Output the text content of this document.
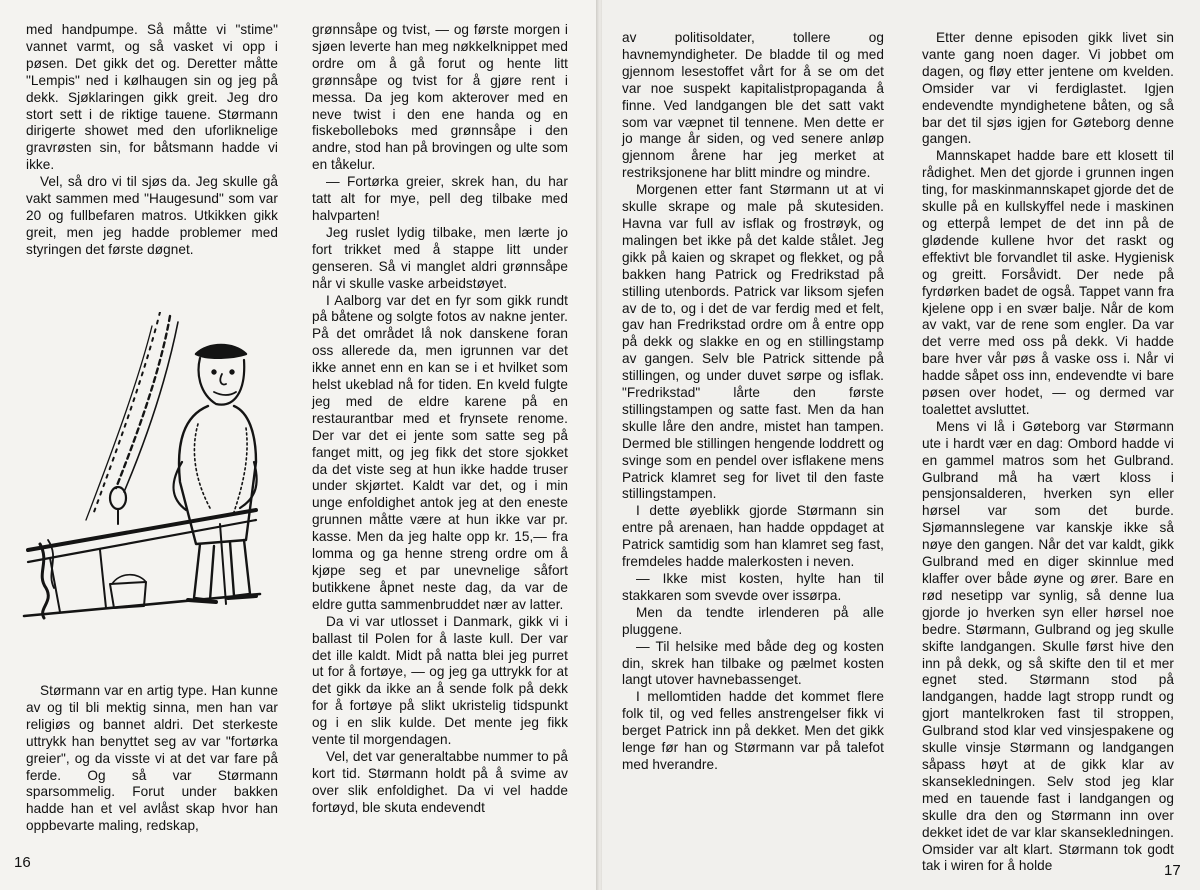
med handpumpe. Så måtte vi "stime" vannet varmt, og så vasket vi opp i pøsen. Det gikk det og. Deretter måtte "Lempis" ned i kølhaugen sin og jeg på dekk. Sjøklaringen gikk greit. Jeg dro stort sett i de riktige tauene. Størmann dirigerte showet med den uforliknelige gravrøsten sin, for båtsmann hadde vi ikke.

Vel, så dro vi til sjøs da. Jeg skulle gå vakt sammen med "Haugesund" som var 20 og fullbefaren matros. Utkikken gikk greit, men jeg hadde problemer med styringen det første døgnet.

Størmann var en artig type. Han kunne av og til bli mektig sinna, men han var religiøs og bannet aldri. Det sterkeste uttrykk han benyttet seg av var "fortørka greier", og da visste vi at det var fare på ferde. Og så var Størmann sparsommelig. Forut under bakken hadde han et vel avlåst skap hvor han oppbevarte maling, redskap,

grønnsåpe og tvist, — og første morgen i sjøen leverte han meg nøkkelknippet med ordre om å gå forut og hente litt grønnsåpe og tvist for å gjøre rent i messa. Da jeg kom akterover med en neve twist i den ene handa og en fiskebolleboks med grønnsåpe i den andre, stod han på brovingen og ulte som en tåkelur.

— Fortørka greier, skrek han, du har tatt alt for mye, pell deg tilbake med halvparten!

Jeg ruslet lydig tilbake, men lærte jo fort trikket med å stappe litt under genseren. Så vi manglet aldri grønnsåpe når vi skulle vaske arbeidstøyet.

I Aalborg var det en fyr som gikk rundt på båtene og solgte fotos av nakne jenter. På det området lå nok danskene foran oss allerede da, men igrunnen var det ikke annet enn en kan se i et hvilket som helst ukeblad nå for tiden. En kveld fulgte jeg med de eldre karene på en restaurantbar med et frynsete renome. Der var det ei jente som satte seg på fanget mitt, og jeg fikk det store sjokket da det viste seg at hun ikke hadde truser under skjørtet. Kaldt var det, og i min unge enfoldighet antok jeg at den eneste grunnen måtte være at hun ikke var pr. kasse. Men da jeg halte opp kr. 15,— fra lomma og ga henne streng ordre om å kjøpe seg et par unevnelige såfort butikkene åpnet neste dag, da var de eldre gutta sammenbruddet nær av latter.

Da vi var utlosset i Danmark, gikk vi i ballast til Polen for å laste kull. Der var det ille kaldt. Midt på natta blei jeg purret ut for å fortøye, — og jeg ga uttrykk for at det gikk da ikke an å sende folk på dekk for å fortøye på slikt ukristelig tidspunkt og i en slik kulde. Det mente jeg fikk vente til morgendagen.

Vel, det var generaltabbe nummer to på kort tid. Størmann holdt på å svime av over slik enfoldighet. Da vi vel hadde fortøyd, ble skuta endevendt

16

av politisoldater, tollere og havnemyndigheter. De bladde til og med gjennom lesestoffet vårt for å se om det var noe suspekt kapitalistpropaganda å finne. Ved landgangen ble det satt vakt som var væpnet til tennene. Men dette er jo mange år siden, og ved senere anløp gjennom årene har jeg merket at restriksjonene har blitt mindre og mindre.

Morgenen etter fant Størmann ut at vi skulle skrape og male på skutesiden. Havna var full av isflak og frostrøyk, og malingen bet ikke på det kalde stålet. Jeg gikk på kaien og skrapet og flekket, og på bakken hang Patrick og Fredrikstad på stilling utenbords. Patrick var liksom sjefen av de to, og i det de var ferdig med et felt, gav han Fredrikstad ordre om å entre opp på dekk og slakke en og en stillingstamp av gangen. Selv ble Patrick sittende på stillingen, og under duvet sørpe og isflak. "Fredrikstad" lårte den første stillingstampen og satte fast. Men da han skulle låre den andre, mistet han tampen. Dermed ble stillingen hengende loddrett og svinge som en pendel over isflakene mens Patrick klamret seg for livet til den faste stillingstampen.

I dette øyeblikk gjorde Størmann sin entre på arenaen, han hadde oppdaget at Patrick samtidig som han klamret seg fast, fremdeles hadde malerkosten i neven.

— Ikke mist kosten, hylte han til stakkaren som svevde over issørpa.

Men da tendte irlenderen på alle pluggene.

— Til helsike med både deg og kosten din, skrek han tilbake og pælmet kosten langt utover havnebassenget.

I mellomtiden hadde det kommet flere folk til, og ved felles anstrengelser fikk vi berget Patrick inn på dekket. Men det gikk lenge før han og Størmann var på talefot med hverandre.

Etter denne episoden gikk livet sin vante gang noen dager. Vi jobbet om dagen, og fløy etter jentene om kvelden. Omsider var vi ferdiglastet. Igjen endevendte myndighetene båten, og så bar det til sjøs igjen for Gøteborg denne gangen.

Mannskapet hadde bare ett klosett til rådighet. Men det gjorde i grunnen ingen ting, for maskinmannskapet gjorde det de skulle på en kullskyffel nede i maskinen og etterpå lempet de det inn på de glødende kullene hvor det raskt og effektivt ble forvandlet til aske. Hygienisk og greitt. Forsåvidt. Der nede på fyrdørken badet de også. Tappet vann fra kjelene opp i en svær balje. Når de kom av vakt, var de rene som engler. Da var det verre med oss på dekk. Vi hadde bare hver vår pøs å vaske oss i. Når vi hadde såpet oss inn, endevendte vi bare pøsen over hodet, — og dermed var toalettet avsluttet.

Mens vi lå i Gøteborg var Størmann ute i hardt vær en dag: Ombord hadde vi en gammel matros som het Gulbrand. Gulbrand må ha vært kloss i pensjonsalderen, hverken syn eller hørsel var som det burde. Sjømannslegene var kanskje ikke så nøye den gangen. Når det var kaldt, gikk Gulbrand med en diger skinnlue med klaffer over både øyne og ører. Bare en rød nesetipp var synlig, så denne lua gjorde jo hverken syn eller hørsel noe bedre. Størmann, Gulbrand og jeg skulle skifte landgangen. Skulle først hive den inn på dekk, og så skifte den til et mer egnet sted. Størmann stod på landgangen, hadde lagt stropp rundt og gjort mantelkroken fast til stroppen, Gulbrand stod klar ved vinsjespakene og skulle vinsje Størmann og landgangen såpass høyt at de gikk klar av skansekledningen. Selv stod jeg klar med en tauende fast i landgangen og skulle dra den og Størmann inn over dekket idet de var klar skansekledningen. Omsider var alt klart. Størmann tok godt tak i wiren for å holde	17
